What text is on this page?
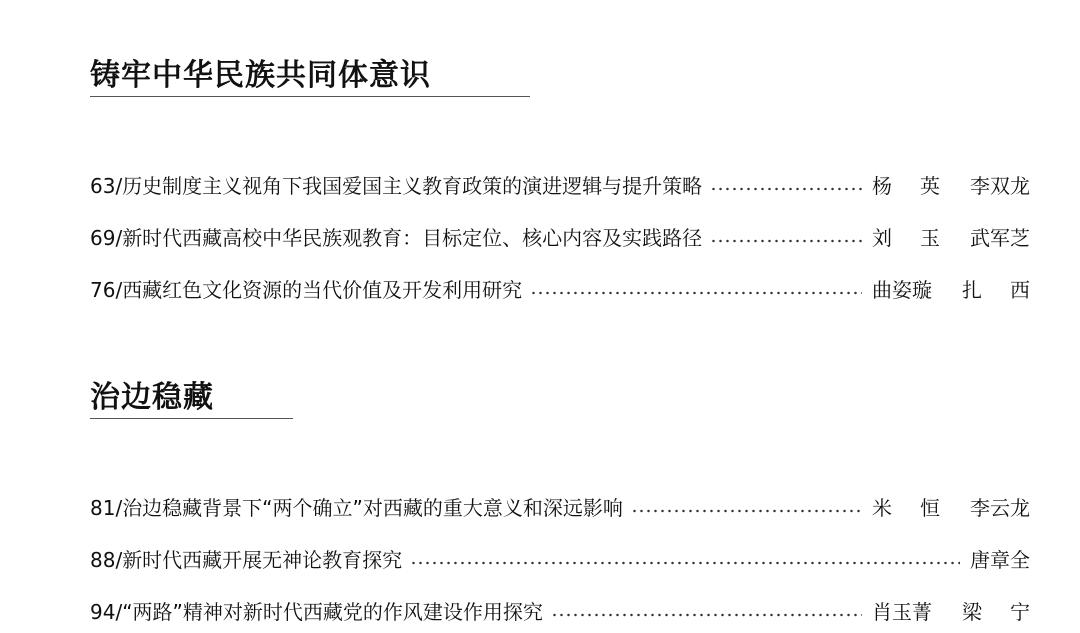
铸牢中华民族共同体意识
63/历史制度主义视角下我国爱国主义教育政策的演进逻辑与提升策略	杨英 李双龙
69/新时代西藏高校中华民族观教育：目标定位、核心内容及实践路径	刘玉 武军芝
76/西藏红色文化资源的当代价值及开发利用研究	曲姿璇 扎西
治边稳藏
81/治边稳藏背景下“两个确立”对西藏的重大意义和深远影响	米恒 李云龙
88/新时代西藏开展无神论教育探究	唐章全
94/“两路”精神对新时代西藏党的作风建设作用探究	肖玉菁 梁宁
